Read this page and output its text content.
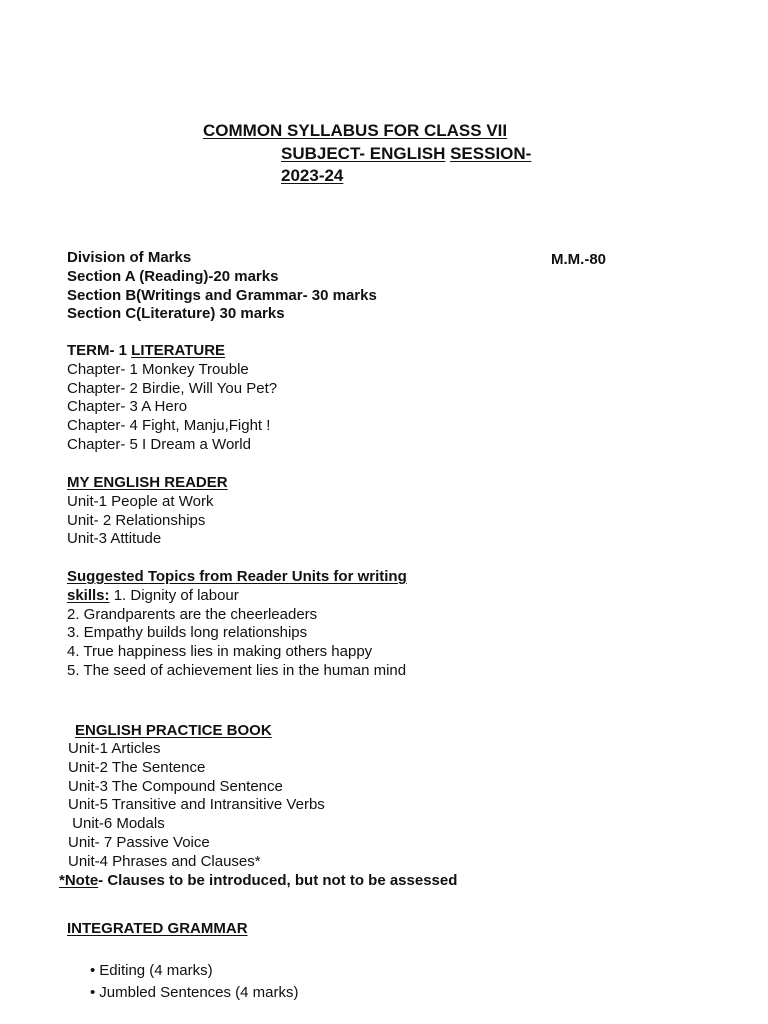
COMMON SYLLABUS FOR CLASS VII
SUBJECT- ENGLISH SESSION-
2023-24
Division of Marks
Section A (Reading)-20 marks
Section B(Writings and Grammar- 30 marks
Section C(Literature) 30 marks
M.M.-80
TERM- 1 LITERATURE
Chapter- 1 Monkey Trouble
Chapter- 2 Birdie, Will You Pet?
Chapter- 3 A Hero
Chapter- 4 Fight, Manju,Fight !
Chapter- 5 I Dream a World
MY ENGLISH READER
Unit-1 People at Work
Unit- 2 Relationships
Unit-3 Attitude
Suggested Topics from Reader Units for writing
skills: 1. Dignity of labour
2. Grandparents are the cheerleaders
3. Empathy builds long relationships
4. True happiness lies in making others happy
5. The seed of achievement lies in the human mind
ENGLISH PRACTICE BOOK
Unit-1 Articles
Unit-2 The Sentence
Unit-3 The Compound Sentence
Unit-5 Transitive and Intransitive Verbs
Unit-6 Modals
Unit- 7 Passive Voice
Unit-4 Phrases and Clauses*
*Note- Clauses to be introduced, but not to be assessed
INTEGRATED GRAMMAR
• Editing (4 marks)
• Jumbled Sentences (4 marks)
